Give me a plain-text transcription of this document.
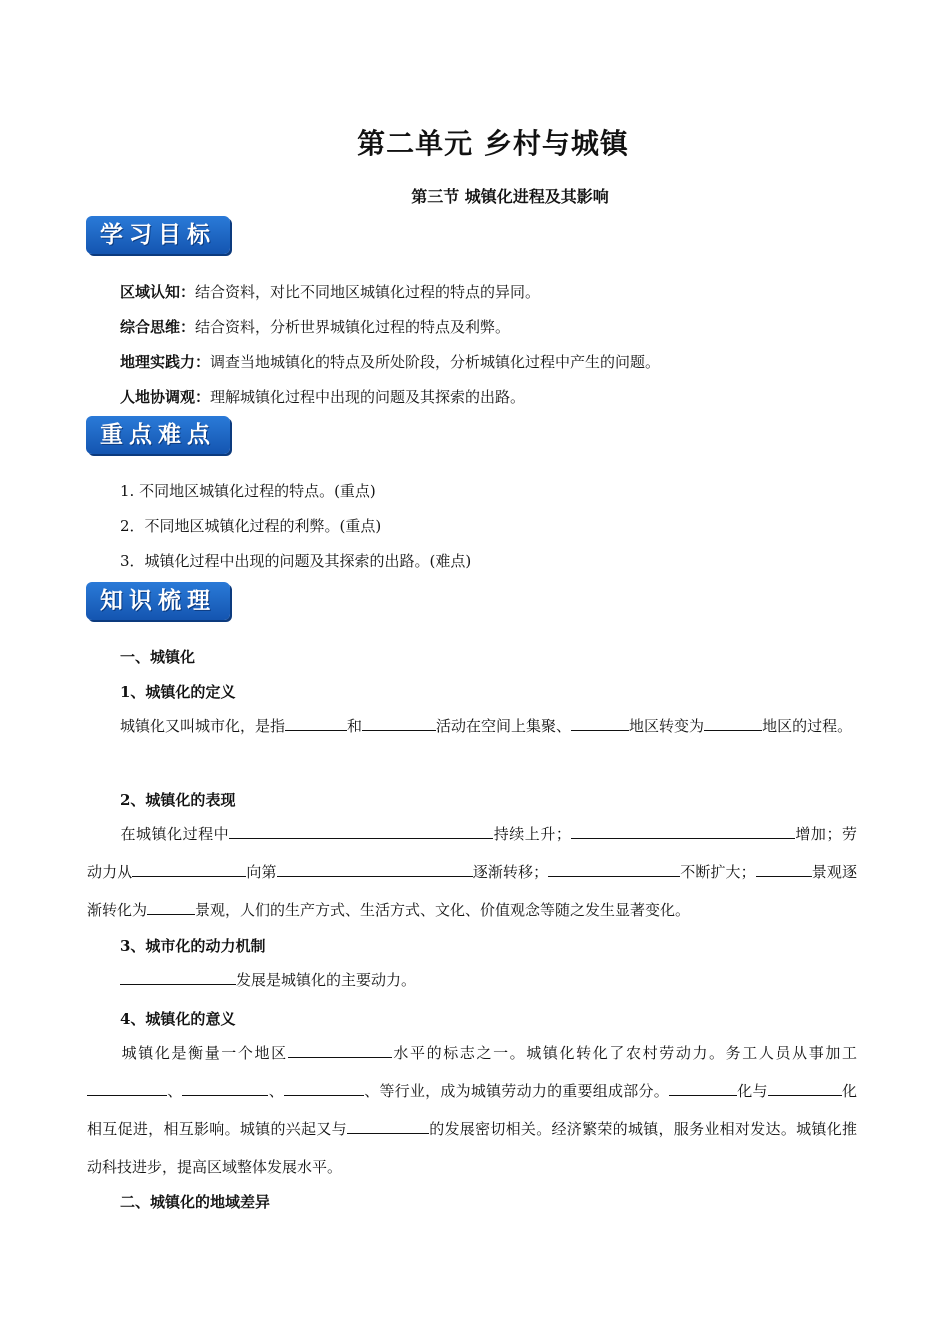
第二单元 乡村与城镇
第三节 城镇化进程及其影响
学习目标
区域认知：结合资料，对比不同地区城镇化过程的特点的异同。
综合思维：结合资料，分析世界城镇化过程的特点及利弊。
地理实践力：调查当地城镇化的特点及所处阶段，分析城镇化过程中产生的问题。
人地协调观：理解城镇化过程中出现的问题及其探索的出路。
重点难点
1. 不同地区城镇化过程的特点。(重点)
2．不同地区城镇化过程的利弊。(重点)
3．城镇化过程中出现的问题及其探索的出路。(难点)
知识梳理
一、城镇化
1、城镇化的定义
城镇化又叫城市化，是指	和	活动在空间上集聚、	地区转变为	地区的过程。
2、城镇化的表现
在城镇化过程中	持续上升；	增加；劳动力从	向第	逐渐转移；	不断扩大；	景观逐渐转化为	景观，人们的生产方式、生活方式、文化、价值观念等随之发生显著变化。
3、城市化的动力机制
发展是城镇化的主要动力。
4、城镇化的意义
城镇化是衡量一个地区	水平的标志之一。城镇化转化了农村劳动力。务工人员从事加工、	、	、等行业，成为城镇劳动力的重要组成部分。	化与	化相互促进，相互影响。城镇的兴起又与	的发展密切相关。经济繁荣的城镇，服务业相对发达。城镇化推动科技进步，提高区域整体发展水平。
二、城镇化的地域差异
